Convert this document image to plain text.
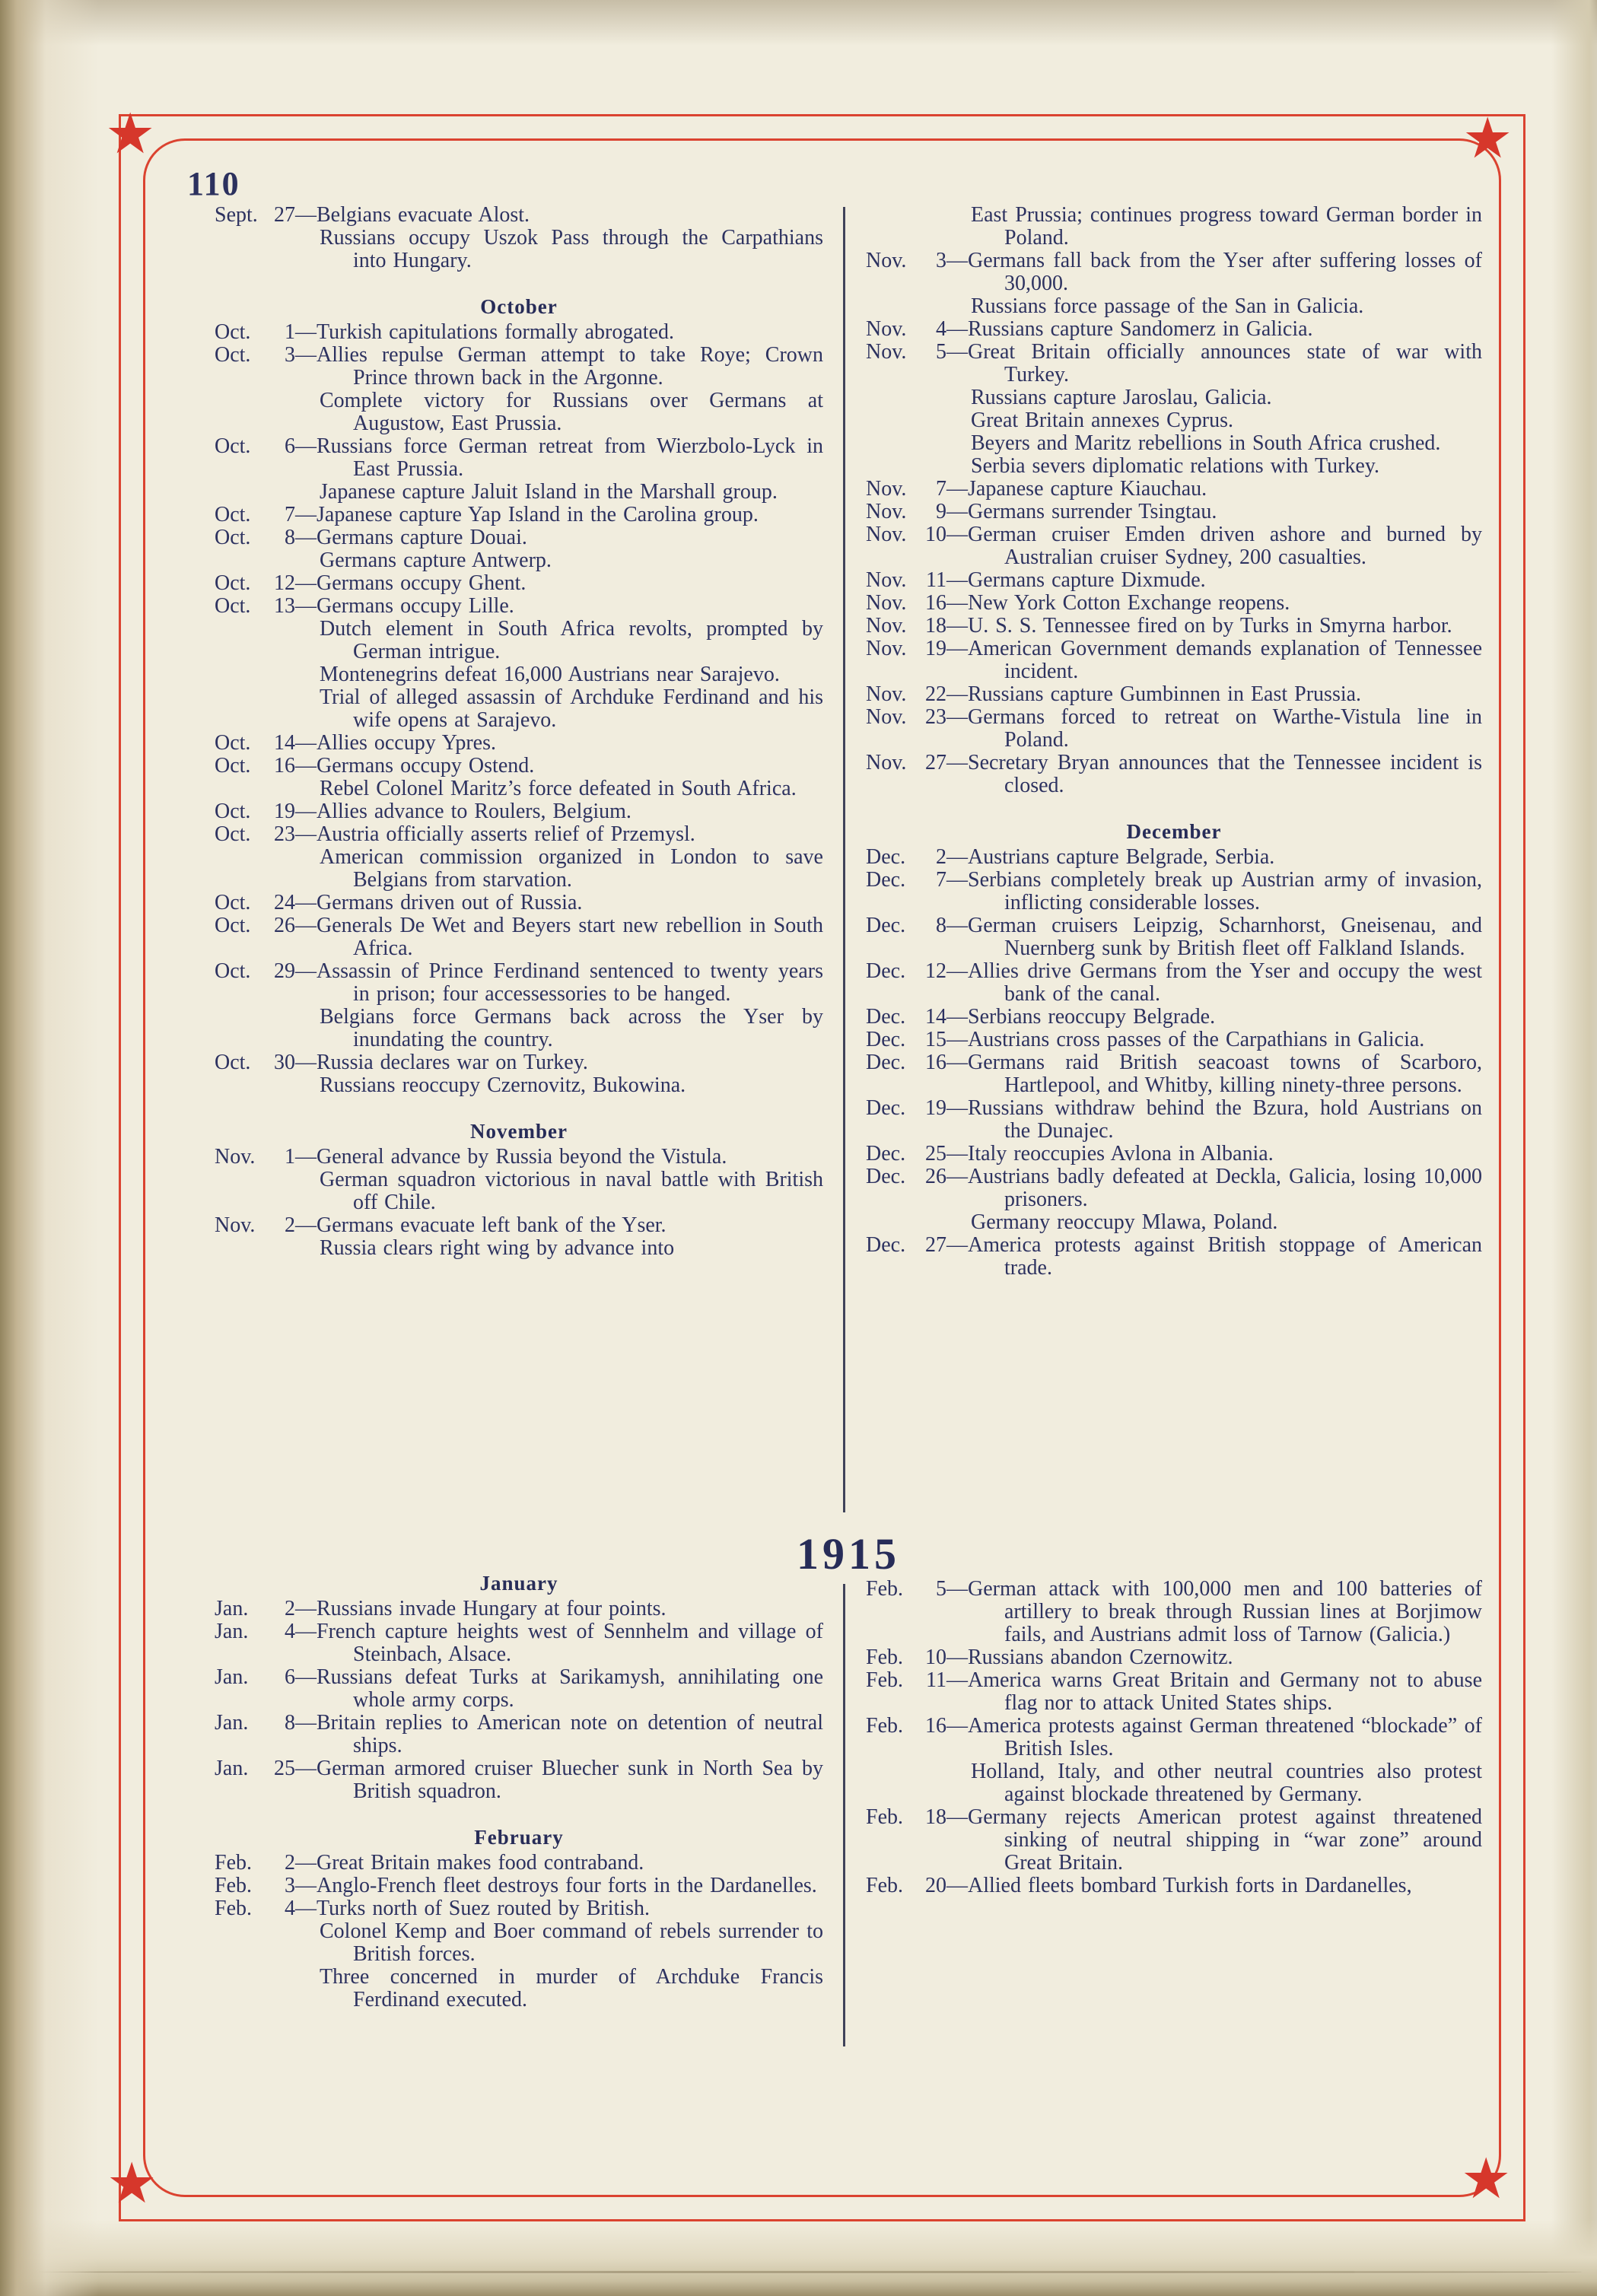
★	★
★	★
110
Sept. 27 —Belgians evacuate Alost.
Russians occupy Uszok Pass through the Carpathians into Hungary.
October
Oct.	1 —Turkish capitulations formally abrogated.
Oct.	3 —Allies repulse German attempt to take Roye; Crown Prince thrown back in the Argonne.
Complete victory for Russians over Germans at Augustow, East Prussia.
Oct.	6 —Russians force German retreat from Wierzbolo-Lyck in East Prussia.
Japanese capture Jaluit Island in the Marshall group.
Oct.	7 —Japanese capture Yap Island in the Carolina group.
Oct.	8 —Germans capture Douai.
Germans capture Antwerp.
Oct.	12 —Germans occupy Ghent.
Oct.	13 —Germans occupy Lille.
Dutch element in South Africa revolts, prompted by German intrigue.
Montenegrins defeat 16,000 Austrians near Sarajevo.
Trial of alleged assassin of Archduke Ferdinand and his wife opens at Sarajevo.
Oct.	14 —Allies occupy Ypres.
Oct.	16 —Germans occupy Ostend.
Rebel Colonel Maritz’s force defeated in South Africa.
Oct.	19 —Allies advance to Roulers, Belgium.
Oct.	23 —Austria officially asserts relief of Przemysl.
American commission organized in London to save Belgians from starvation.
Oct.	24 —Germans driven out of Russia.
Oct.	26 —Generals De Wet and Beyers start new rebellion in South Africa.
Oct.	29 —Assassin of Prince Ferdinand sentenced to twenty years in prison; four accessessories to be hanged.
Belgians force Germans back across the Yser by inundating the country.
Oct.	30 —Russia declares war on Turkey.
Russians reoccupy Czernovitz, Bukowina.
November
Nov.	1 —General advance by Russia beyond the Vistula.
German squadron victorious in naval battle with British off Chile.
Nov.	2 —Germans evacuate left bank of the Yser.
Russia clears right wing by advance into
East Prussia; continues progress toward German border in Poland.
Nov.	3 —Germans fall back from the Yser after suffering losses of 30,000.
Russians force passage of the San in Galicia.
Nov.	4 —Russians capture Sandomerz in Galicia.
Nov.	5 —Great Britain officially announces state of war with Turkey.
Russians capture Jaroslau, Galicia.
Great Britain annexes Cyprus.
Beyers and Maritz rebellions in South Africa crushed.
Serbia severs diplomatic relations with Turkey.
Nov.	7 —Japanese capture Kiauchau.
Nov.	9 —Germans surrender Tsingtau.
Nov. 10 —German cruiser Emden driven ashore and burned by Australian cruiser Sydney, 200 casualties.
Nov. 11 —Germans capture Dixmude.
Nov. 16 —New York Cotton Exchange reopens.
Nov. 18 —U. S. S. Tennessee fired on by Turks in Smyrna harbor.
Nov. 19 —American Government demands explanation of Tennessee incident.
Nov. 22 —Russians capture Gumbinnen in East Prussia.
Nov. 23 —Germans forced to retreat on Warthe-Vistula line in Poland.
Nov. 27 —Secretary Bryan announces that the Tennessee incident is closed.
December
Dec.	2 —Austrians capture Belgrade, Serbia.
Dec.	7 —Serbians completely break up Austrian army of invasion, inflicting considerable losses.
Dec.	8 —German cruisers Leipzig, Scharnhorst, Gneisenau, and Nuernberg sunk by British fleet off Falkland Islands.
Dec. 12 —Allies drive Germans from the Yser and occupy the west bank of the canal.
Dec. 14 —Serbians reoccupy Belgrade.
Dec. 15 —Austrians cross passes of the Carpathians in Galicia.
Dec. 16 —Germans raid British seacoast towns of Scarboro, Hartlepool, and Whitby, killing ninety-three persons.
Dec. 19 —Russians withdraw behind the Bzura, hold Austrians on the Dunajec.
Dec. 25 —Italy reoccupies Avlona in Albania.
Dec. 26 —Austrians badly defeated at Deckla, Galicia, losing 10,000 prisoners.
Germany reoccupy Mlawa, Poland.
Dec. 27 —America protests against British stoppage of American trade.
1915
January
Jan.	2 —Russians invade Hungary at four points.
Jan.	4 —French capture heights west of Sennhelm and village of Steinbach, Alsace.
Jan.	6 —Russians defeat Turks at Sarikamysh, annihilating one whole army corps.
Jan.	8 —Britain replies to American note on detention of neutral ships.
Jan.	25 —German armored cruiser Bluecher sunk in North Sea by British squadron.
February
Feb.	2 —Great Britain makes food contraband.
Feb.	3 —Anglo-French fleet destroys four forts in the Dardanelles.
Feb.	4 —Turks north of Suez routed by British.
Colonel Kemp and Boer command of rebels surrender to British forces.
Three concerned in murder of Archduke Francis Ferdinand executed.
Feb.	5 —German attack with 100,000 men and 100 batteries of artillery to break through Russian lines at Borjimow fails, and Austrians admit loss of Tarnow (Galicia.)
Feb.	10 —Russians abandon Czernowitz.
Feb.	11 —America warns Great Britain and Germany not to abuse flag nor to attack United States ships.
Feb.	16 —America protests against German threatened “blockade” of British Isles.
Holland, Italy, and other neutral countries also protest against blockade threatened by Germany.
Feb.	18 —Germany rejects American protest against threatened sinking of neutral shipping in “war zone” around Great Britain.
Feb.	20 —Allied fleets bombard Turkish forts in Dardanelles,
